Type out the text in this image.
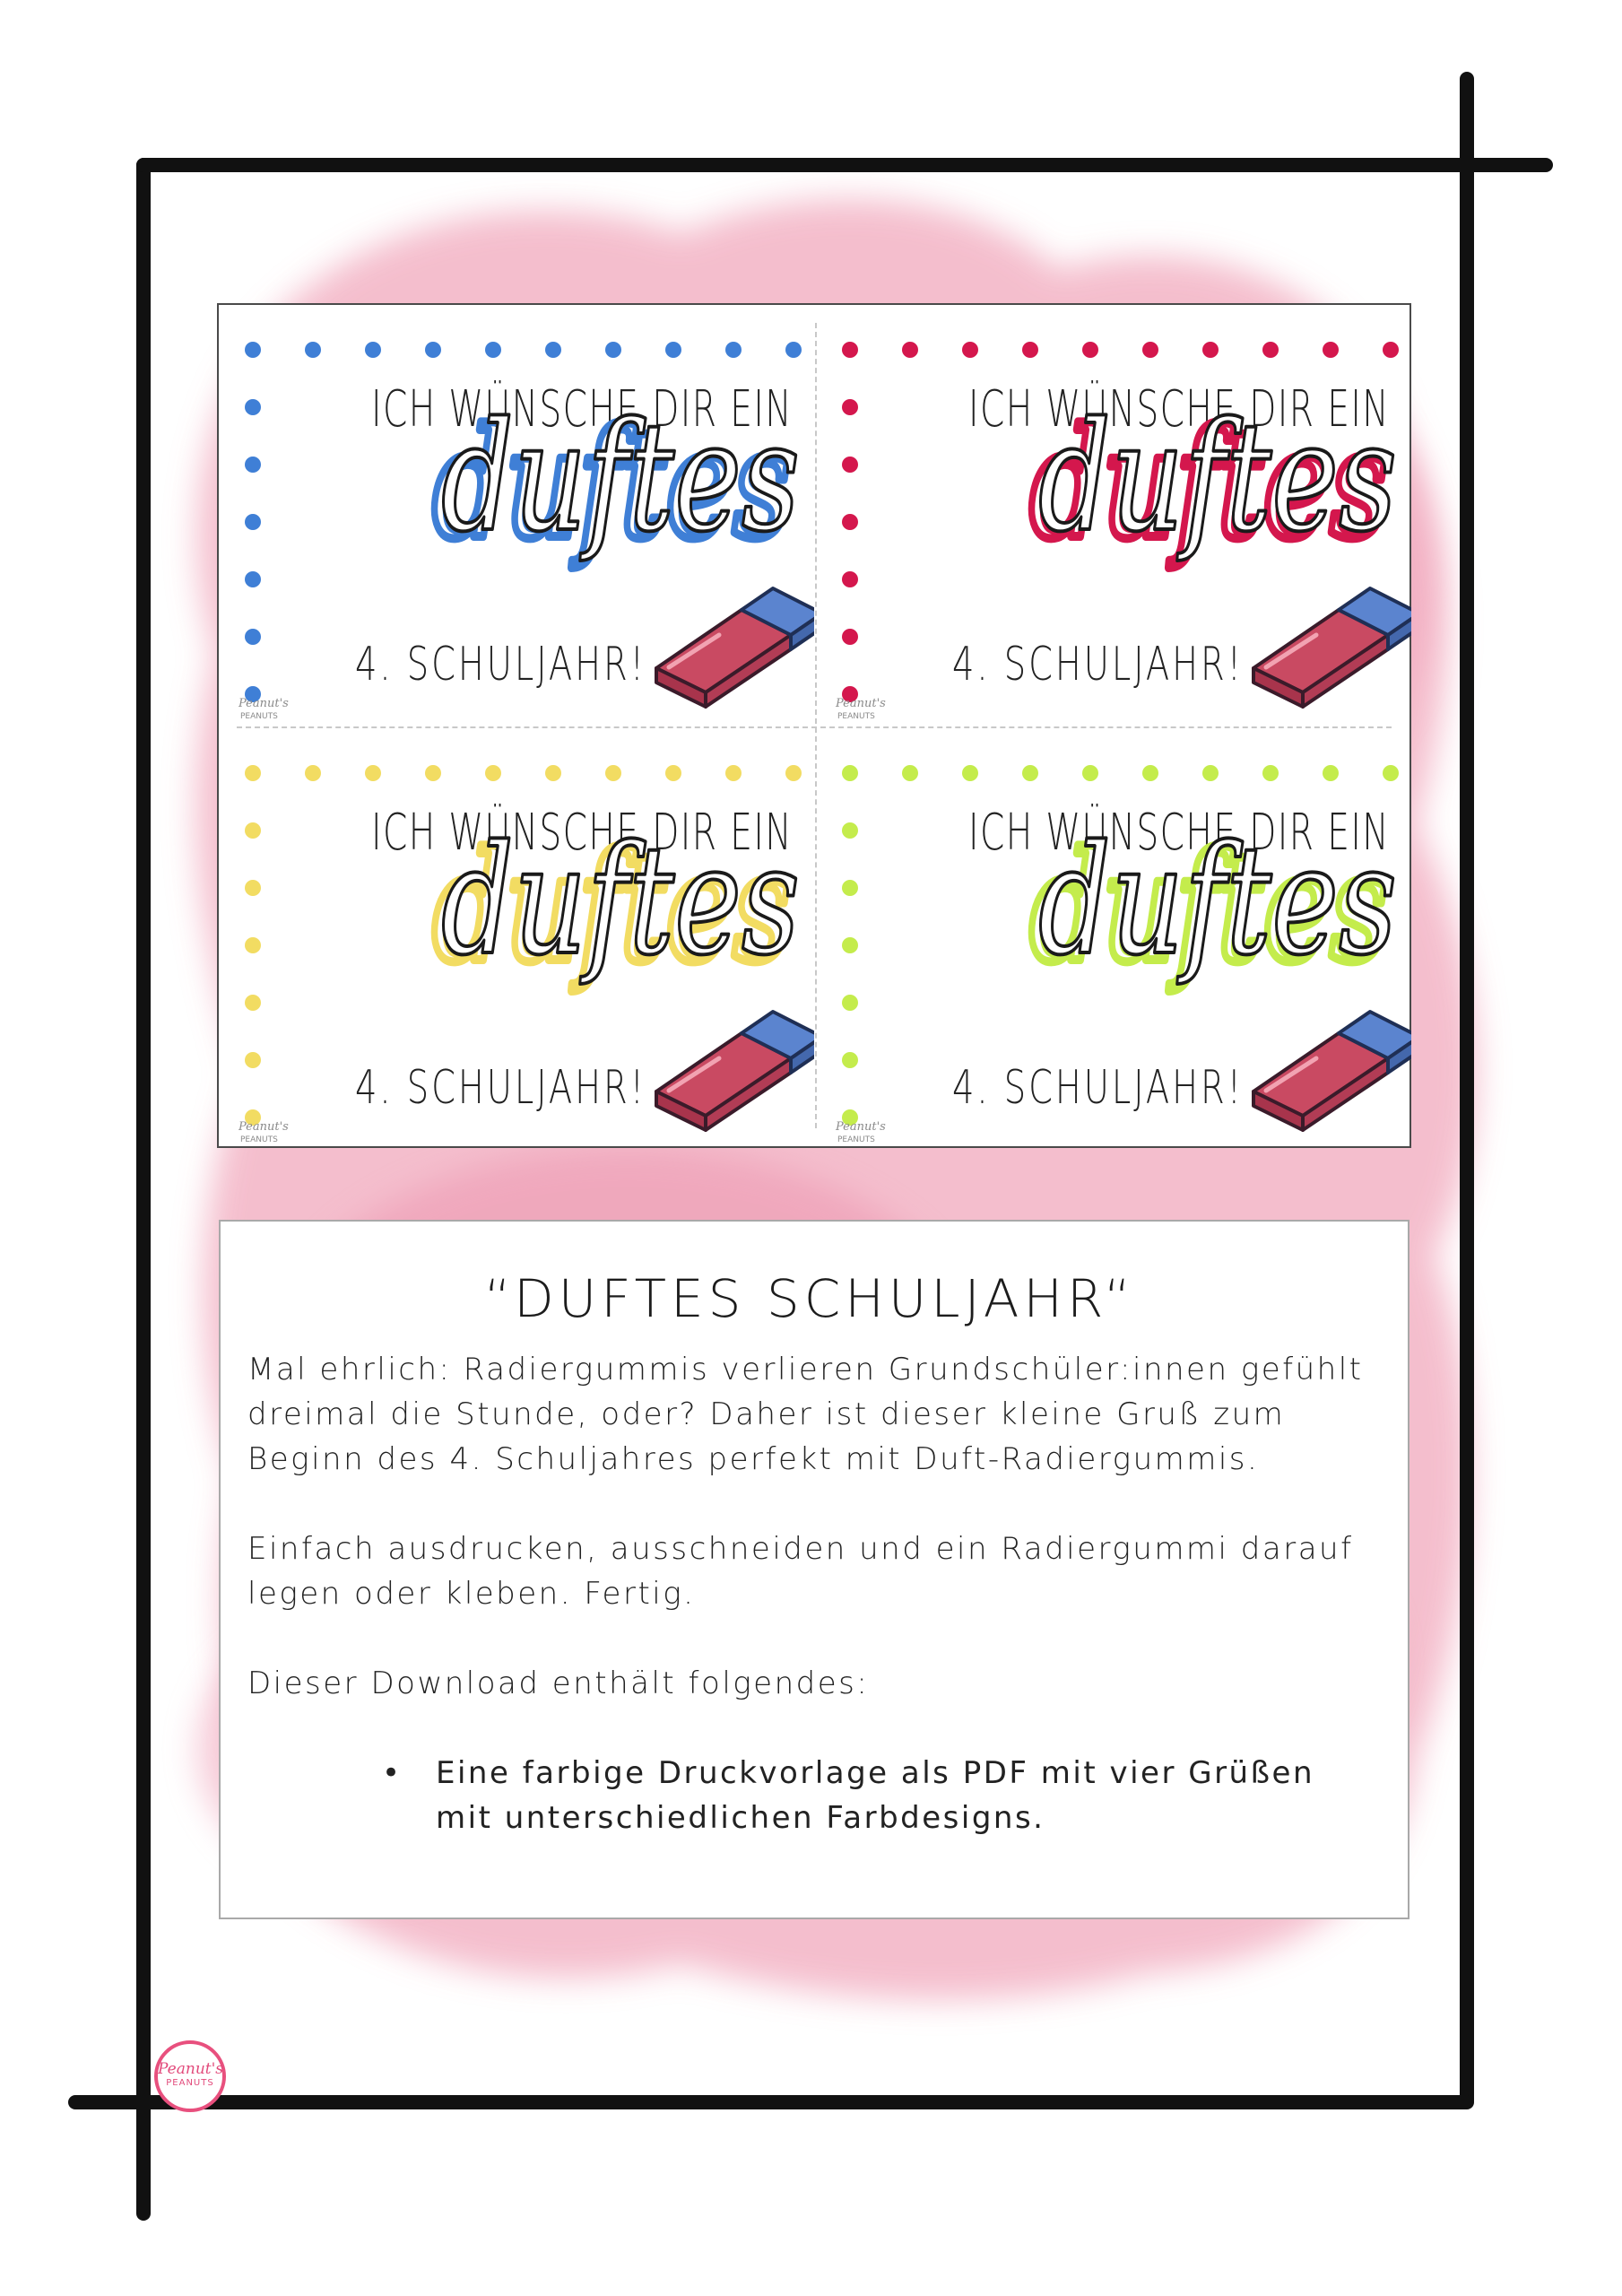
ICH WÜNSCHE DIR EIN
duftes
duftes
4. SCHULJAHR!
Peanut's
PEANUTS
ICH WÜNSCHE DIR EIN
duftes
duftes
4. SCHULJAHR!
Peanut's
PEANUTS
ICH WÜNSCHE DIR EIN
duftes
duftes
4. SCHULJAHR!
Peanut's
PEANUTS
ICH WÜNSCHE DIR EIN
duftes
duftes
4. SCHULJAHR!
Peanut's
PEANUTS
“DUFTES SCHULJAHR“

Mal ehrlich: Radiergummis verlieren Grundschüler:innen gefühlt dreimal die Stunde, oder? Daher ist dieser kleine Gruß zum Beginn des 4. Schuljahres perfekt mit Duft-Radiergummis.

Einfach ausdrucken, ausschneiden und ein Radiergummi darauf legen oder kleben. Fertig.

Dieser Download enthält folgendes:

• Eine farbige Druckvorlage als PDF mit vier Grüßen mit unterschiedlichen Farbdesigns.
Peanut's
PEANUTS
